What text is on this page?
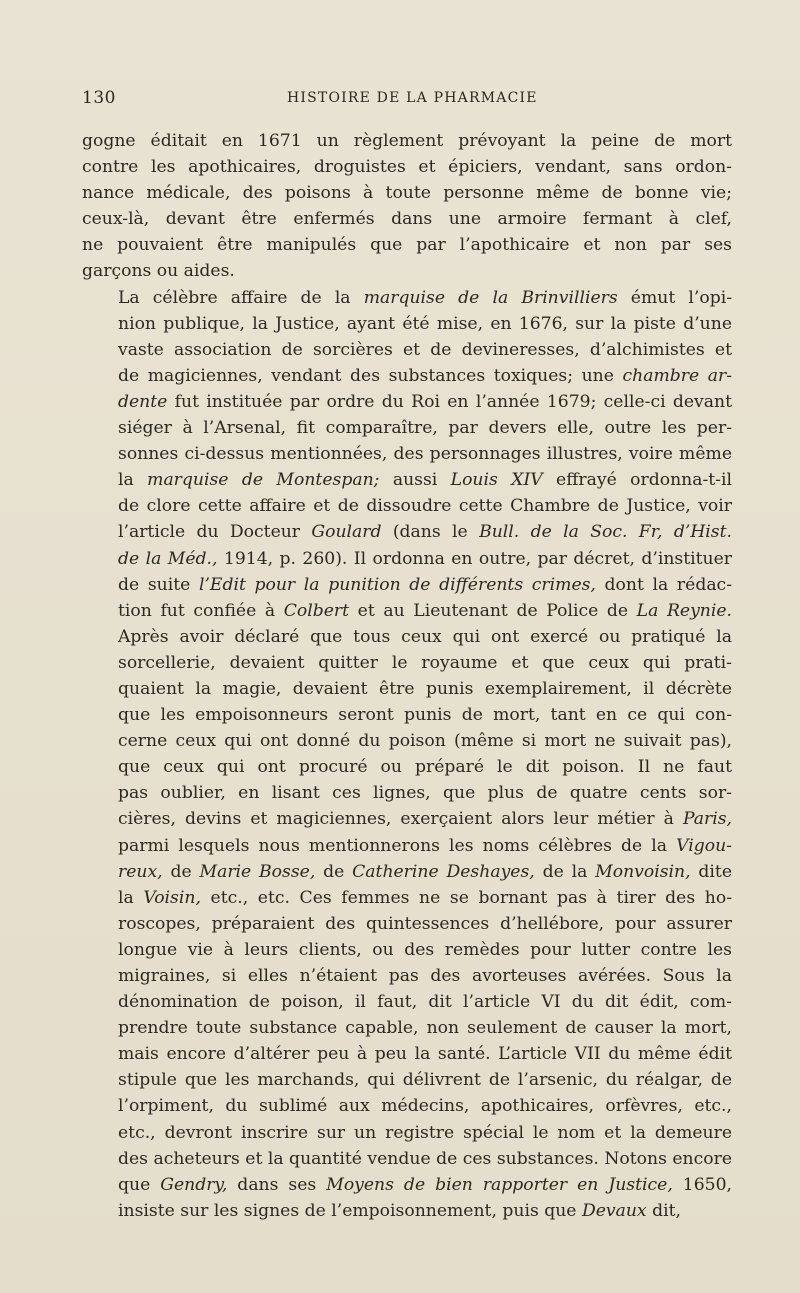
130	HISTOIRE DE LA PHARMACIE

gogne éditait en 1671 un règlement prévoyant la peine de mort
contre les apothicaires, droguistes et épiciers, vendant, sans ordon-
nance médicale, des poisons à toute personne même de bonne vie;
ceux-là, devant être enfermés dans une armoire fermant à clef,
ne pouvaient être manipulés que par l’apothicaire et non par ses
garçons ou aides.

La célèbre affaire de la marquise de la Brinvilliers émut l’opi-
nion publique, la Justice, ayant été mise, en 1676, sur la piste d’une
vaste association de sorcières et de devineresses, d’alchimistes et
de magiciennes, vendant des substances toxiques; une chambre ar-
dente fut instituée par ordre du Roi en l’année 1679; celle-ci devant
siéger à l’Arsenal, fit comparaître, par devers elle, outre les per-
sonnes ci-dessus mentionnées, des personnages illustres, voire même
la marquise de Montespan; aussi Louis XIV effrayé ordonna-t-il
de clore cette affaire et de dissoudre cette Chambre de Justice, voir
l’article du Docteur Goulard (dans le Bull. de la Soc. Fr, d’Hist.
de la Méd., 1914, p. 260). Il ordonna en outre, par décret, d’instituer
de suite l’Edit pour la punition de différents crimes, dont la rédac-
tion fut confiée à Colbert et au Lieutenant de Police de La Reynie.
Après avoir déclaré que tous ceux qui ont exercé ou pratiqué la
sorcellerie, devaient quitter le royaume et que ceux qui prati-
quaient la magie, devaient être punis exemplairement, il décrète
que les empoisonneurs seront punis de mort, tant en ce qui con-
cerne ceux qui ont donné du poison (même si mort ne suivait pas),
que ceux qui ont procuré ou préparé le dit poison. Il ne faut
pas oublier, en lisant ces lignes, que plus de quatre cents sor-
cières, devins et magiciennes, exerçaient alors leur métier à Paris,
parmi lesquels nous mentionnerons les noms célèbres de la Vigou-
reux, de Marie Bosse, de Catherine Deshayes, de la Monvoisin, dite
la Voisin, etc., etc. Ces femmes ne se bornant pas à tirer des ho-
roscopes, préparaient des quintessences d’hellébore, pour assurer
longue vie à leurs clients, ou des remèdes pour lutter contre les
migraines, si elles n’étaient pas des avorteuses avérées. Sous la
dénomination de poison, il faut, dit l’article VI du dit édit, com-
prendre toute substance capable, non seulement de causer la mort,
mais encore d’altérer peu à peu la santé. L’article VII du même édit
stipule que les marchands, qui délivrent de l’arsenic, du réalgar, de
l’orpiment, du sublimé aux médecins, apothicaires, orfèvres, etc.,
etc., devront inscrire sur un registre spécial le nom et la demeure
des acheteurs et la quantité vendue de ces substances. Notons encore
que Gendry, dans ses Moyens de bien rapporter en Justice, 1650,
insiste sur les signes de l’empoisonnement, puis que Devaux dit,
